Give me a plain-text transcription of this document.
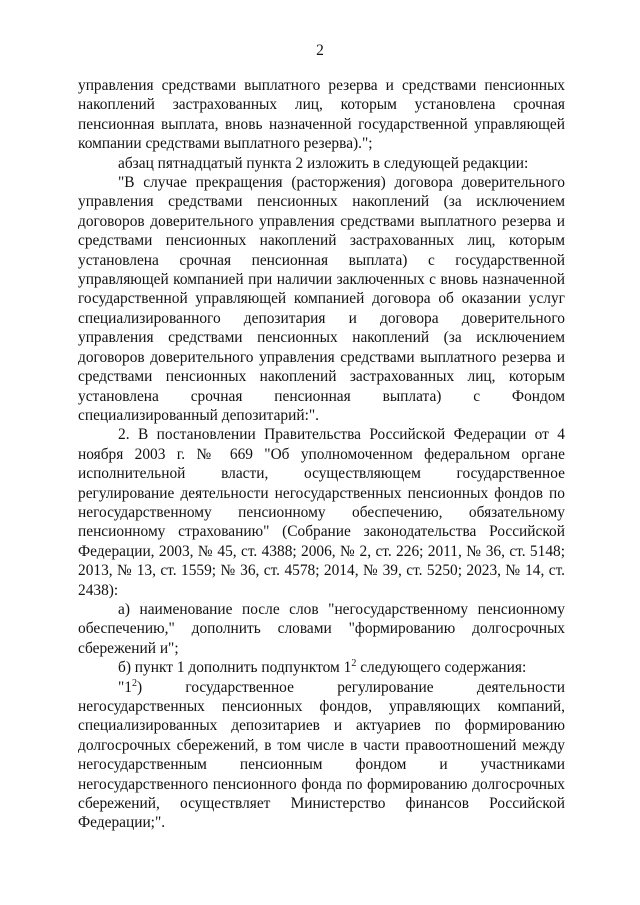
2

управления средствами выплатного резерва и средствами пенсионных накоплений застрахованных лиц, которым установлена срочная пенсионная выплата, вновь назначенной государственной управляющей компании средствами выплатного резерва).";

абзац пятнадцатый пункта 2 изложить в следующей редакции:

"В случае прекращения (расторжения) договора доверительного управления средствами пенсионных накоплений (за исключением договоров доверительного управления средствами выплатного резерва и средствами пенсионных накоплений застрахованных лиц, которым установлена срочная пенсионная выплата) с государственной управляющей компанией при наличии заключенных с вновь назначенной государственной управляющей компанией договора об оказании услуг специализированного депозитария и договора доверительного управления средствами пенсионных накоплений (за исключением договоров доверительного управления средствами выплатного резерва и средствами пенсионных накоплений застрахованных лиц, которым установлена срочная пенсионная выплата) с Фондом специализированный депозитарий:".

2. В постановлении Правительства Российской Федерации от 4 ноября 2003 г. № 669 "Об уполномоченном федеральном органе исполнительной власти, осуществляющем государственное регулирование деятельности негосударственных пенсионных фондов по негосударственному пенсионному обеспечению, обязательному пенсионному страхованию" (Собрание законодательства Российской Федерации, 2003, № 45, ст. 4388; 2006, № 2, ст. 226; 2011, № 36, ст. 5148; 2013, № 13, ст. 1559; № 36, ст. 4578; 2014, № 39, ст. 5250; 2023, № 14, ст. 2438):

а) наименование после слов "негосударственному пенсионному обеспечению," дополнить словами "формированию долгосрочных сбережений и";

б) пункт 1 дополнить подпунктом $1^2$ следующего содержания:

"$1^2$) государственное регулирование деятельности негосударственных пенсионных фондов, управляющих компаний, специализированных депозитариев и актуариев по формированию долгосрочных сбережений, в том числе в части правоотношений между негосударственным пенсионным фондом и участниками негосударственного пенсионного фонда по формированию долгосрочных сбережений, осуществляет Министерство финансов Российской Федерации;".
